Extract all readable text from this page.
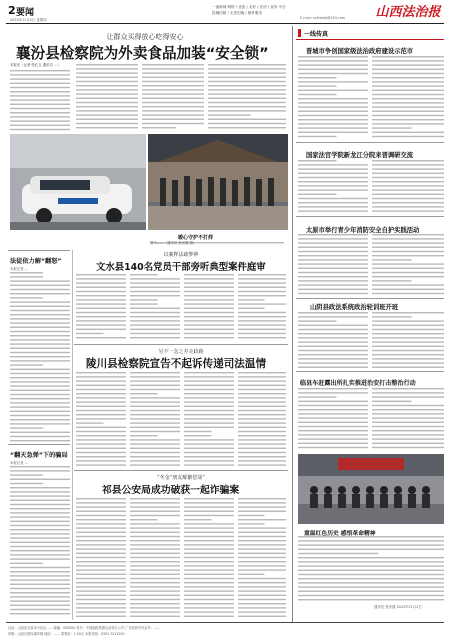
2 要闻
2023年11月2日 星期四
一流新闻·网络 / 优质 / 友好 / 法治 / 宣传·平台
投稿信箱 / 无差旧稿 / 稿件服务
E-mail: sxfzbbjb@163.com 山西法治报
让群众买得放心吃得安心
襄汾县检察院为外卖食品加装“安全锁”
本报讯（记者 张红玉 通讯员 …）
暖心守护不打烊
图为……（通讯员 张庆健 摄）
法徒依力解“翻怒”
本报记者 …
“翻天急弹”下的骗局
本报记者 …
以案释法疏梦神
文水县140名党员干部旁听典型案件庭审
另不一念之差走歧路
陵川县检察院宣告不起诉传递司法温情
“冬金”朋友解繁偿哉”
祁县公安局成功破获一起诈骗案
一线传真
晋城市争创国家级法治政府建设示范市
国家法官学院新龙江分院来晋调研交流
太原市举行青少年消防安全自护实践活动
山阴县政法系统政治轮训班开班
临县车赶露出所扎实推进治安打击整治行动
重温红色历史 感悟革命精神
通讯员 张庆健 2023年11月2日
社址：山西省太原市小店区…… 邮编：030000 发行：中国邮政集团山西省分公司 广告经营许可证号：……
印刷：山西日报传媒印刷 地址：…… 零售价：1.50元 本报热线：0351-7211100
